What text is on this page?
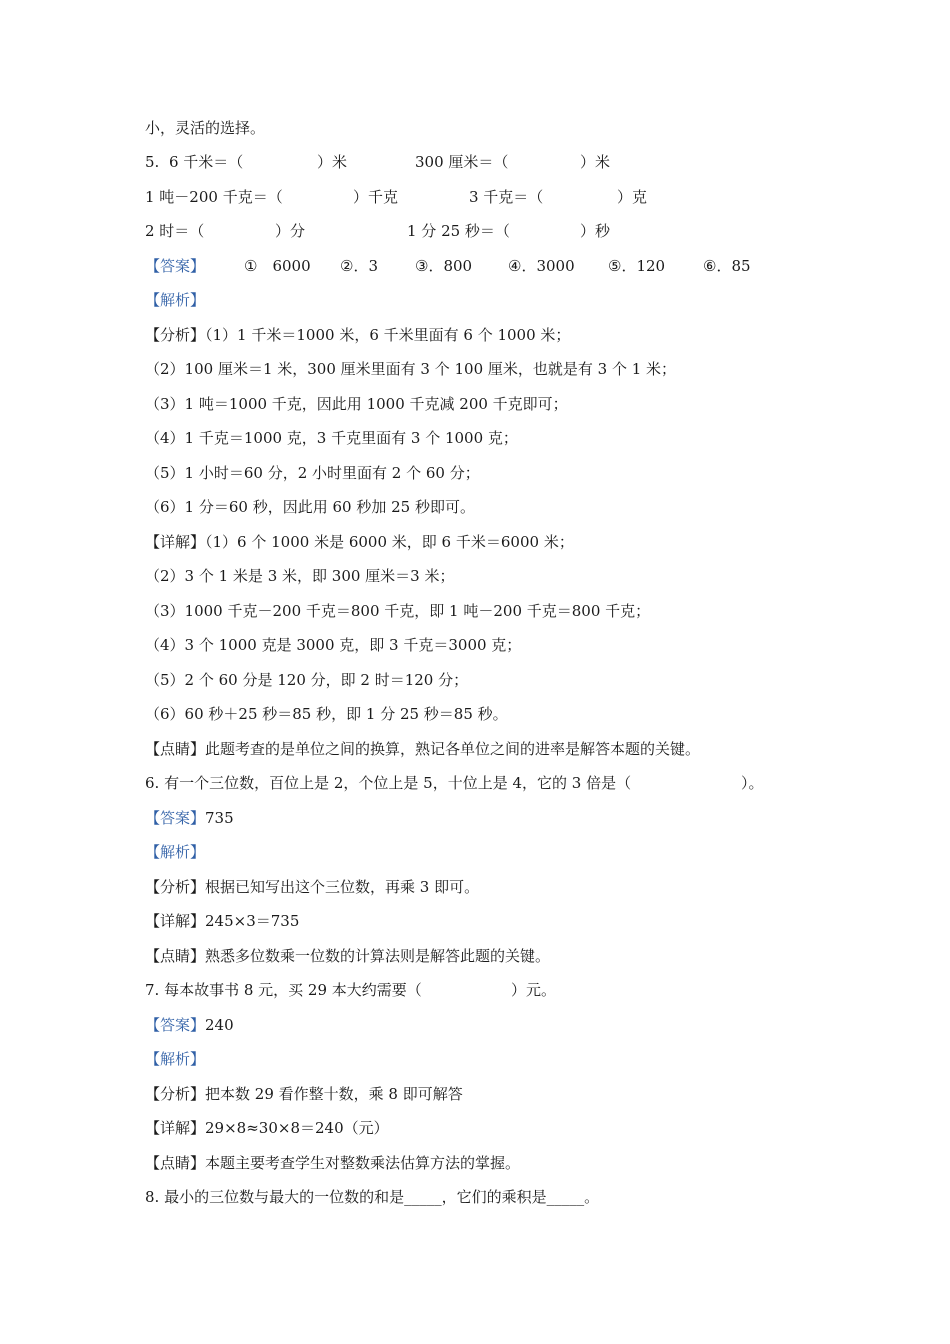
小，灵活的选择。
5. 6 千米＝（	）米	300 厘米＝（	）米
1 吨－200 千克＝（	）千克	3 千克＝（	）克
2 时＝（	）分	1 分 25 秒＝（	）秒
【答案】	①　6000 ②．3 ③．800 ④．3000 ⑤．120	⑥．85
【解析】
【分析】（1）1 千米＝1000 米，6 千米里面有 6 个 1000 米；
（2）100 厘米＝1 米，300 厘米里面有 3 个 100 厘米，也就是有 3 个 1 米；
（3）1 吨＝1000 千克，因此用 1000 千克减 200 千克即可；
（4）1 千克＝1000 克，3 千克里面有 3 个 1000 克；
（5）1 小时＝60 分，2 小时里面有 2 个 60 分；
（6）1 分＝60 秒，因此用 60 秒加 25 秒即可。
【详解】（1）6 个 1000 米是 6000 米，即 6 千米＝6000 米；
（2）3 个 1 米是 3 米，即 300 厘米＝3 米；
（3）1000 千克－200 千克＝800 千克，即 1 吨－200 千克＝800 千克；
（4）3 个 1000 克是 3000 克，即 3 千克＝3000 克；
（5）2 个 60 分是 120 分，即 2 时＝120 分；
（6）60 秒＋25 秒＝85 秒，即 1 分 25 秒＝85 秒。
【点睛】此题考查的是单位之间的换算，熟记各单位之间的进率是解答本题的关键。
6. 有一个三位数，百位上是 2，个位上是 5，十位上是 4，它的 3 倍是（	）。
【答案】735
【解析】
【分析】根据已知写出这个三位数，再乘 3 即可。
【详解】245×3＝735
【点睛】熟悉多位数乘一位数的计算法则是解答此题的关键。
7. 每本故事书 8 元，买 29 本大约需要（	）元。
【答案】240
【解析】
【分析】把本数 29 看作整十数，乘 8 即可解答
【详解】29×8≈30×8＝240（元）
【点睛】本题主要考查学生对整数乘法估算方法的掌握。
8. 最小的三位数与最大的一位数的和是_____，它们的乘积是_____。
